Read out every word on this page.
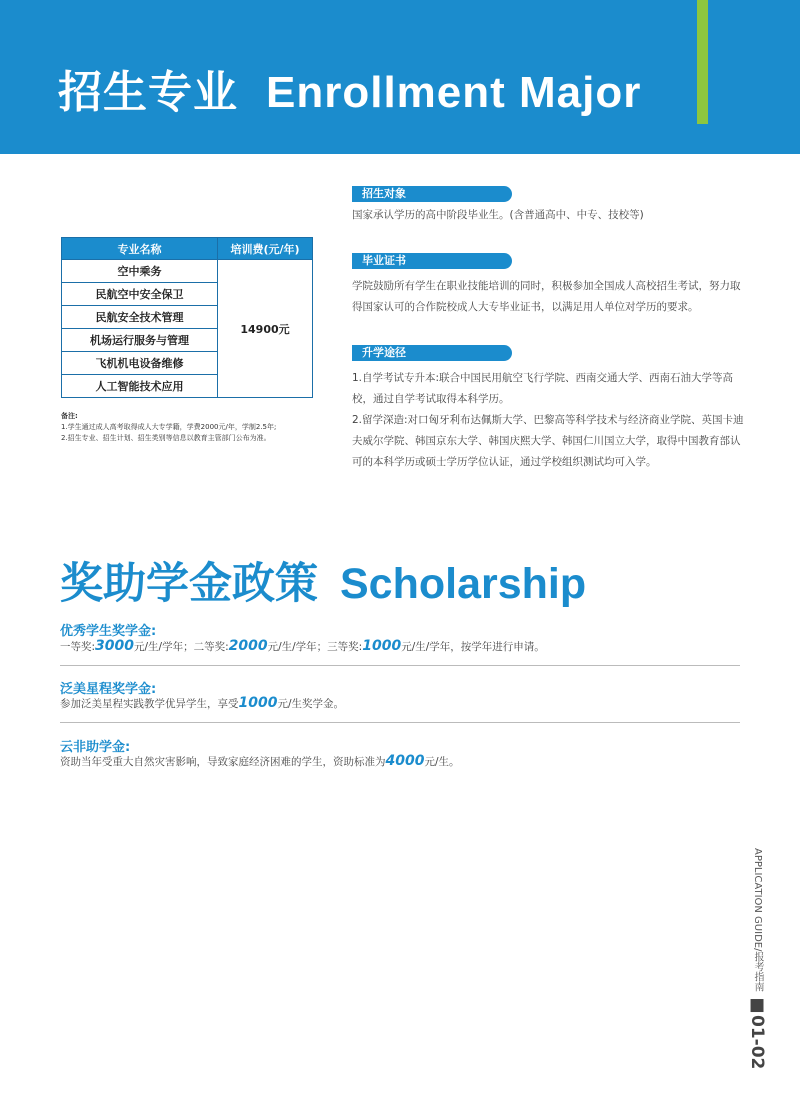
招生专业 Enrollment Major
专业名称	培训费(元/年)
空中乘务	14900元
民航空中安全保卫	
民航安全技术管理	
机场运行服务与管理	
飞机机电设备维修	
人工智能技术应用	
备注:
1.学生通过成人高考取得成人大专学籍，学费2000元/年，学制2.5年;
2.招生专业、招生计划、招生类别等信息以教育主管部门公布为准。
招生对象
国家承认学历的高中阶段毕业生。(含普通高中、中专、技校等)
毕业证书
学院鼓励所有学生在职业技能培训的同时，积极参加全国成人高校招生考试，努力取得国家认可的合作院校成人大专毕业证书，以满足用人单位对学历的要求。
升学途径
1.自学考试专升本:联合中国民用航空飞行学院、西南交通大学、西南石油大学等高校，通过自学考试取得本科学历。
2.留学深造:对口匈牙利布达佩斯大学、巴黎高等科学技术与经济商业学院、英国卡迪夫威尔学院、韩国京东大学、韩国庆熙大学、韩国仁川国立大学，取得中国教育部认可的本科学历或硕士学历学位认证，通过学校组织测试均可入学。
奖助学金政策 Scholarship
优秀学生奖学金:
一等奖:3000元/生/学年；二等奖:2000元/生/学年；三等奖:1000元/生/学年，按学年进行申请。
泛美星程奖学金:
参加泛美星程实践教学优异学生，享受1000元/生奖学金。
云非助学金:
资助当年受重大自然灾害影响，导致家庭经济困难的学生，资助标准为4000元/生。
APPLICATION GUIDE/报考指南■01-02
